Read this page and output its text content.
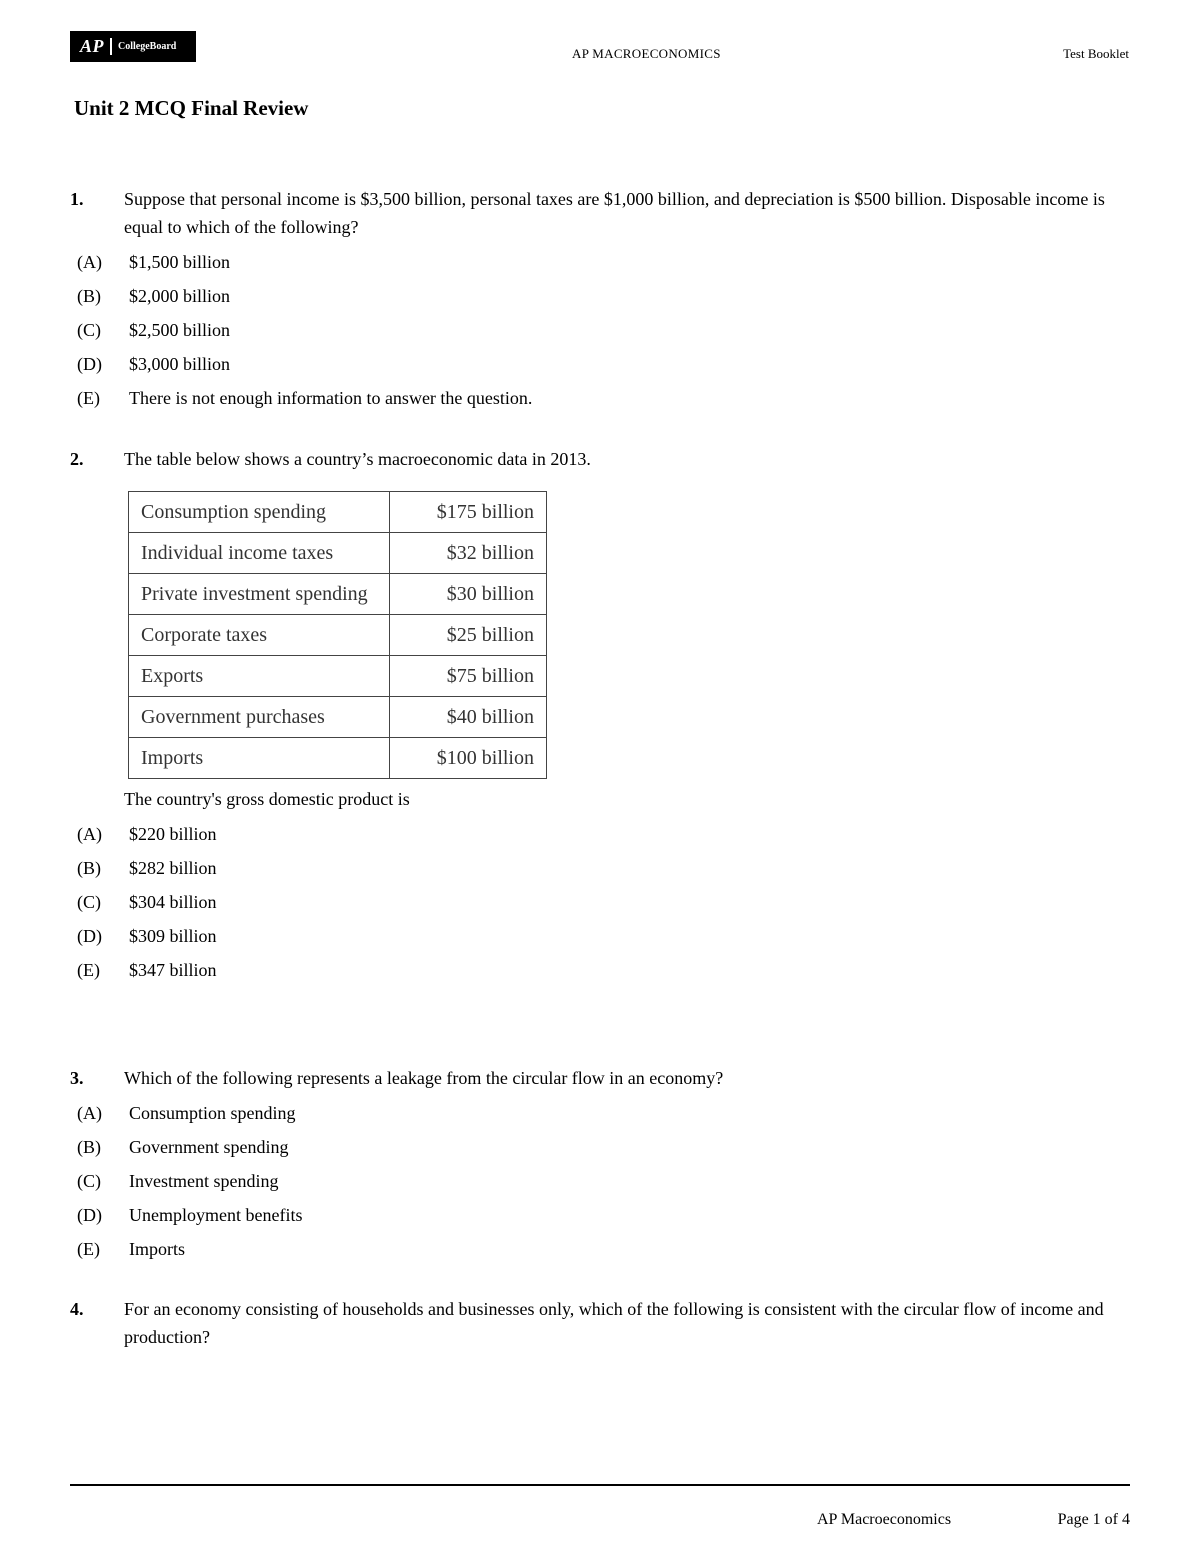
AP CollegeBoard	AP MACROECONOMICS	Test Booklet
Unit 2 MCQ Final Review
1.	Suppose that personal income is $3,500 billion, personal taxes are $1,000 billion, and depreciation is $500 billion. Disposable income is equal to which of the following?
(A) $1,500 billion
(B) $2,000 billion
(C) $2,500 billion
(D) $3,000 billion
(E) There is not enough information to answer the question.
2.	The table below shows a country’s macroeconomic data in 2013.
Consumption spending	$175 billion
Individual income taxes	$32 billion
Private investment spending	$30 billion
Corporate taxes	$25 billion
Exports	$75 billion
Government purchases	$40 billion
Imports	$100 billion
The country's gross domestic product is
(A) $220 billion
(B) $282 billion
(C) $304 billion
(D) $309 billion
(E) $347 billion
3.	Which of the following represents a leakage from the circular flow in an economy?
(A) Consumption spending
(B) Government spending
(C) Investment spending
(D) Unemployment benefits
(E) Imports
4.	For an economy consisting of households and businesses only, which of the following is consistent with the circular flow of income and production?
AP Macroeconomics	Page 1 of 4
